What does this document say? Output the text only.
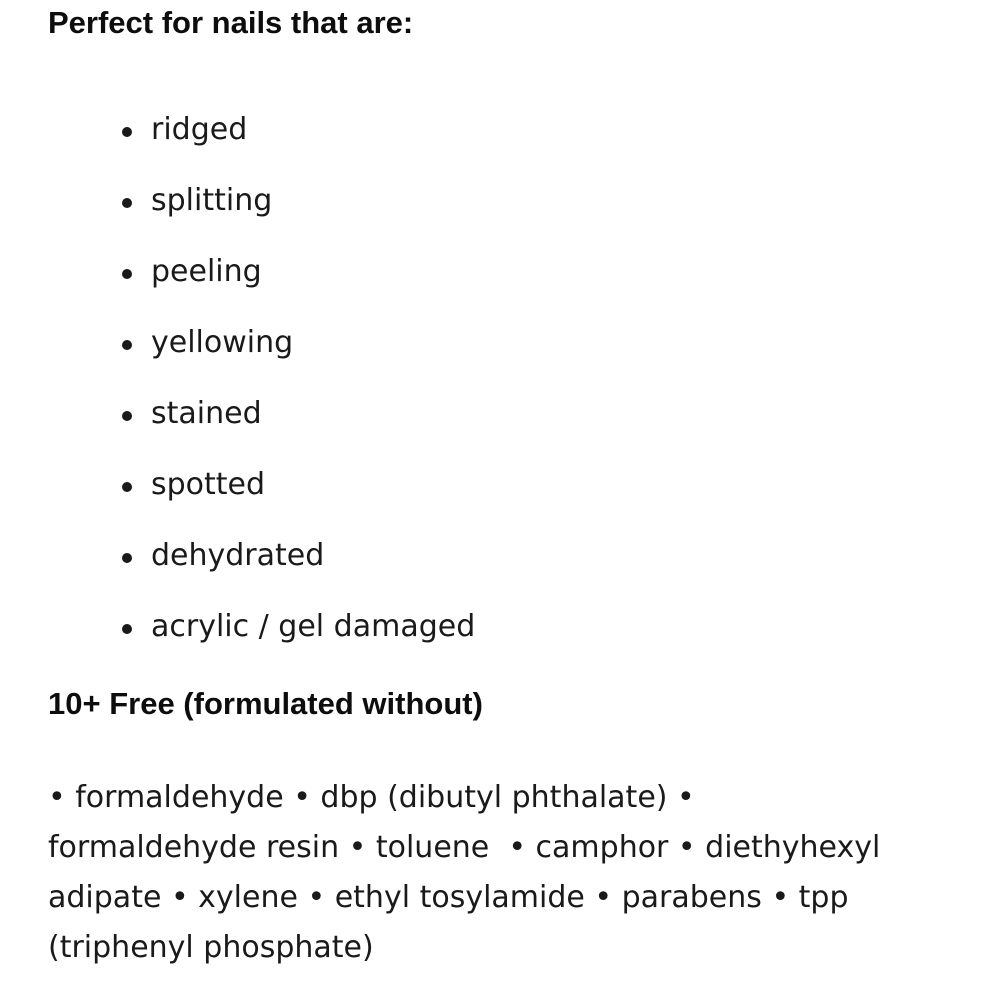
Perfect for nails that are:
ridged
splitting
peeling
yellowing
stained
spotted
dehydrated
acrylic / gel damaged
10+ Free (formulated without)

• formaldehyde • dbp (dibutyl phthalate) •
formaldehyde resin • toluene  • camphor • diethyhexyl
adipate • xylene • ethyl tosylamide • parabens • tpp
(triphenyl phosphate)
